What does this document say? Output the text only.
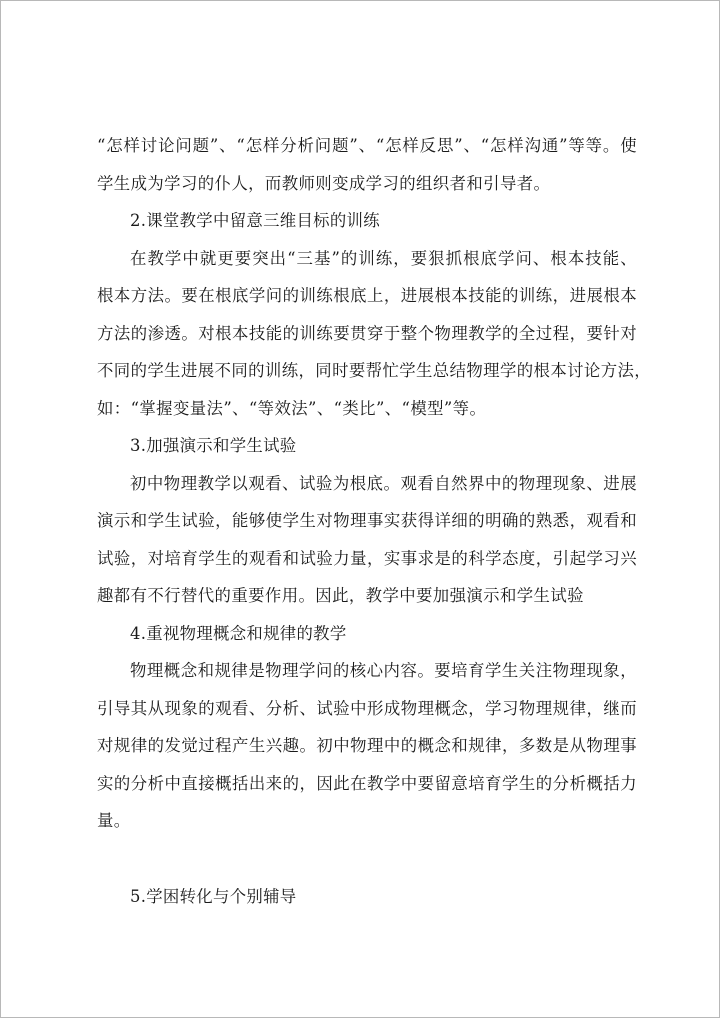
“怎样讨论问题”、“怎样分析问题”、“怎样反思”、“怎样沟通”等等。使
学生成为学习的仆人，而教师则变成学习的组织者和引导者。
2.课堂教学中留意三维目标的训练
在教学中就更要突出“三基”的训练，要狠抓根底学问、根本技能、
根本方法。要在根底学问的训练根底上，进展根本技能的训练，进展根本
方法的渗透。对根本技能的训练要贯穿于整个物理教学的全过程，要针对
不同的学生进展不同的训练，同时要帮忙学生总结物理学的根本讨论方法，
如：“掌握变量法”、“等效法”、“类比”、“模型”等。
3.加强演示和学生试验
初中物理教学以观看、试验为根底。观看自然界中的物理现象、进展
演示和学生试验，能够使学生对物理事实获得详细的明确的熟悉，观看和
试验，对培育学生的观看和试验力量，实事求是的科学态度，引起学习兴
趣都有不行替代的重要作用。因此，教学中要加强演示和学生试验
4.重视物理概念和规律的教学
物理概念和规律是物理学问的核心内容。要培育学生关注物理现象，
引导其从现象的观看、分析、试验中形成物理概念，学习物理规律，继而
对规律的发觉过程产生兴趣。初中物理中的概念和规律，多数是从物理事
实的分析中直接概括出来的，因此在教学中要留意培育学生的分析概括力
量。
5.学困转化与个别辅导
